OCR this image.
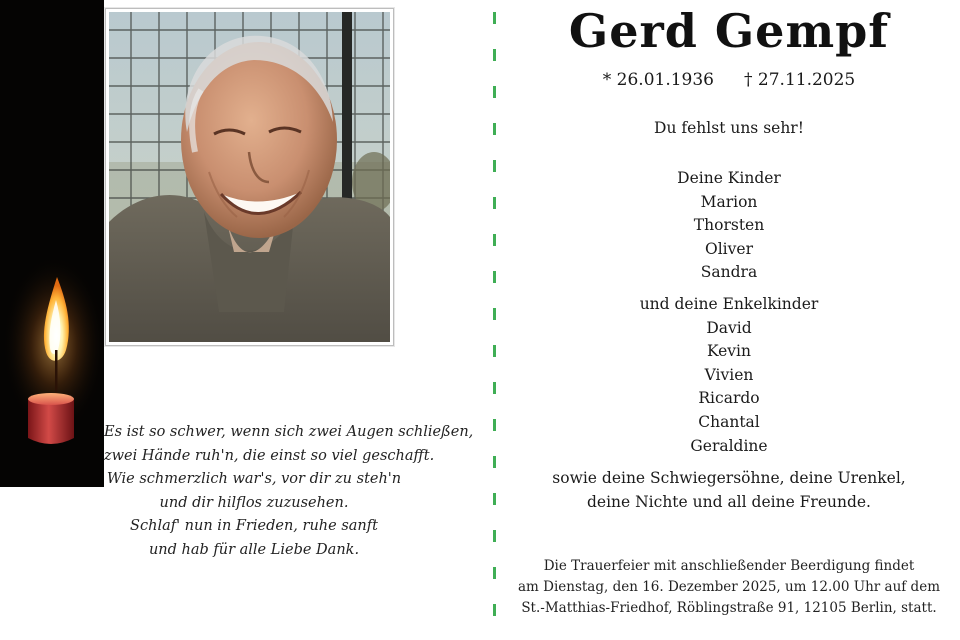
Es ist so schwer, wenn sich zwei Augen schließen,
zwei Hände ruh'n, die einst so viel geschafft.
Wie schmerzlich war's, vor dir zu steh'n
und dir hilflos zuzusehen.
Schlaf' nun in Frieden, ruhe sanft
und hab für alle Liebe Dank.
Gerd Gempf
* 26.01.1936 † 27.11.2025
Du fehlst uns sehr!
Deine Kinder
Marion
Thorsten
Oliver
Sandra
und deine Enkelkinder
David
Kevin
Vivien
Ricardo
Chantal
Geraldine
sowie deine Schwiegersöhne, deine Urenkel,
deine Nichte und all deine Freunde.
Die Trauerfeier mit anschließender Beerdigung findet
am Dienstag, den 16. Dezember 2025, um 12.00 Uhr auf dem
St.-Matthias-Friedhof, Röblingstraße 91, 12105 Berlin, statt.
